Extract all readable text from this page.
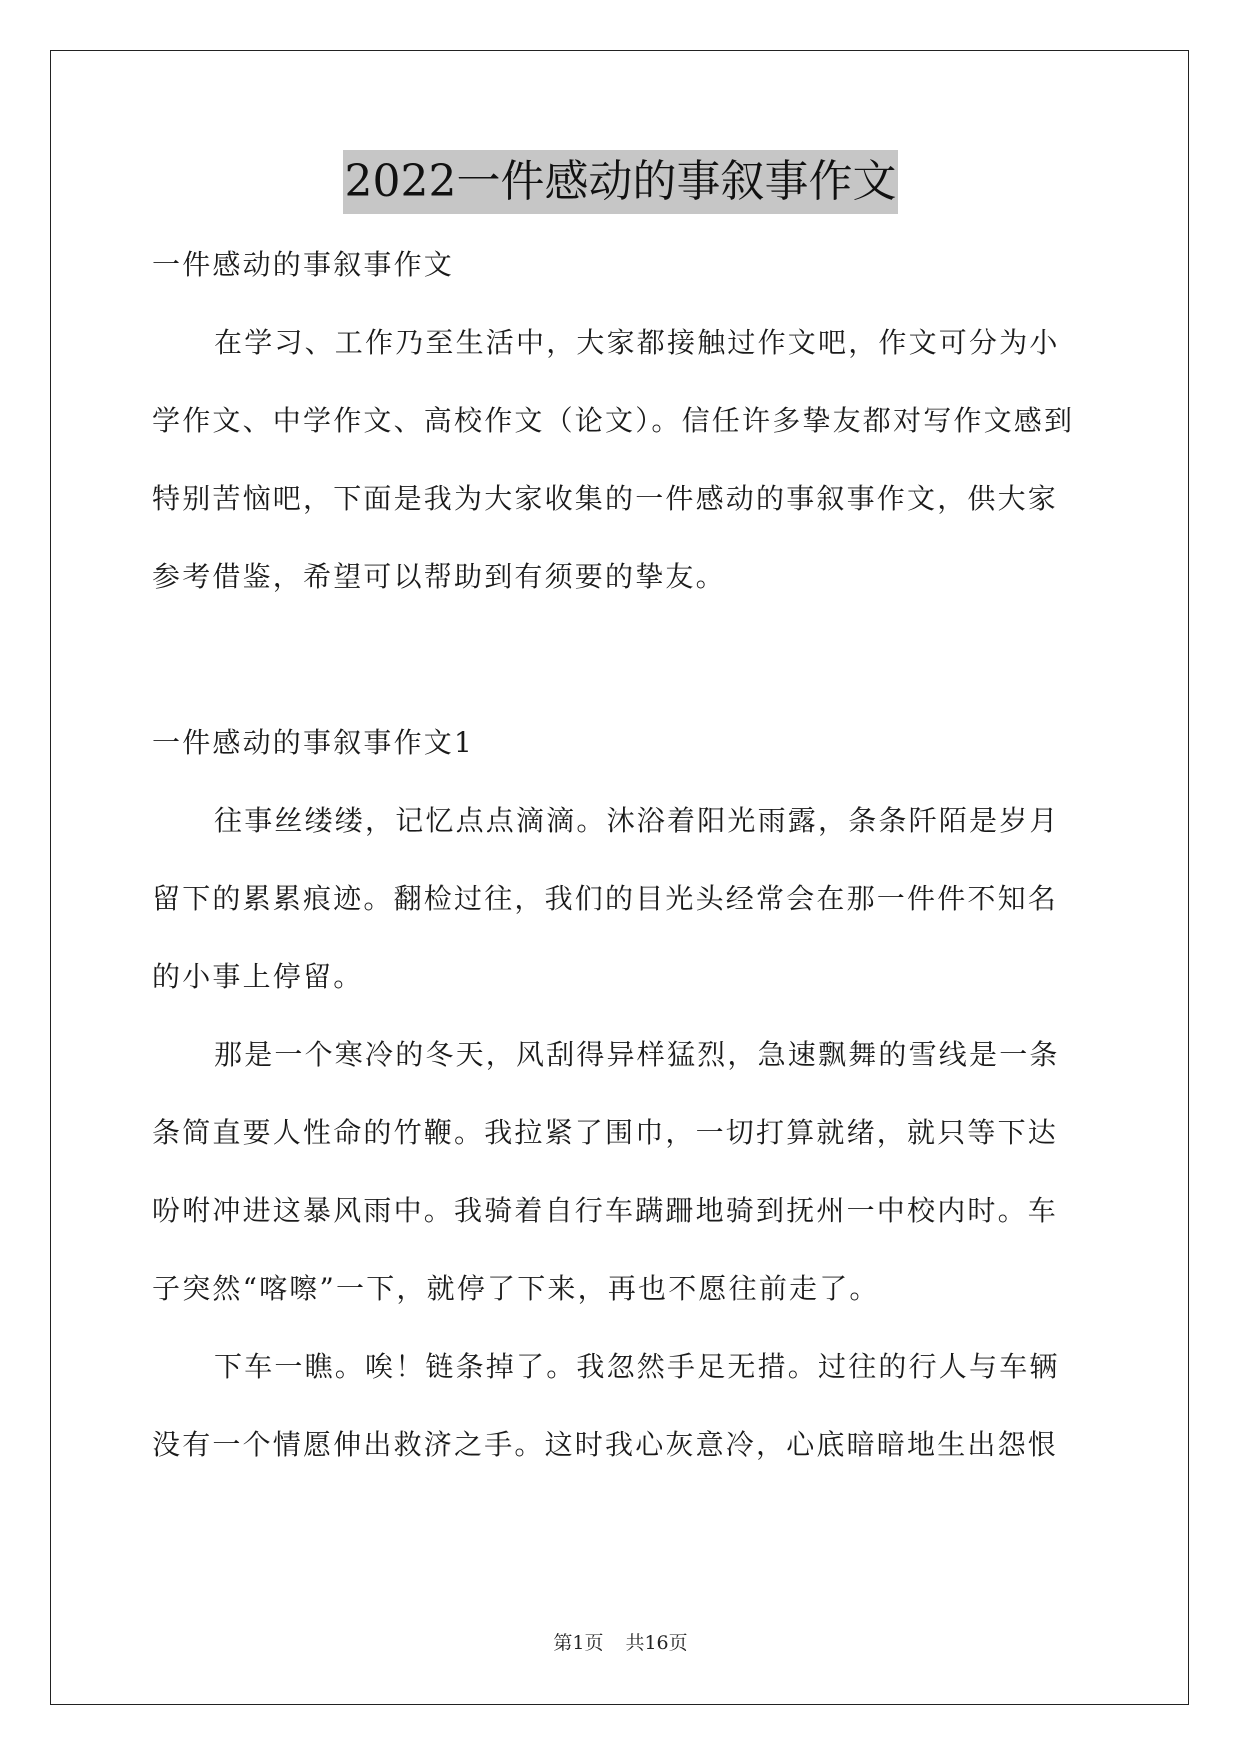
2022一件感动的事叙事作文
一件感动的事叙事作文
在学习、工作乃至生活中，大家都接触过作文吧，作文可分为小
学作文、中学作文、高校作文（论文）。信任许多挚友都对写作文感到
特别苦恼吧，下面是我为大家收集的一件感动的事叙事作文，供大家
参考借鉴，希望可以帮助到有须要的挚友。
一件感动的事叙事作文1
往事丝缕缕，记忆点点滴滴。沐浴着阳光雨露，条条阡陌是岁月
留下的累累痕迹。翻检过往，我们的目光头经常会在那一件件不知名
的小事上停留。
那是一个寒冷的冬天，风刮得异样猛烈，急速飘舞的雪线是一条
条简直要人性命的竹鞭。我拉紧了围巾，一切打算就绪，就只等下达
吩咐冲进这暴风雨中。我骑着自行车蹒跚地骑到抚州一中校内时。车
子突然“喀嚓”一下，就停了下来，再也不愿往前走了。
下车一瞧。唉！链条掉了。我忽然手足无措。过往的行人与车辆
没有一个情愿伸出救济之手。这时我心灰意冷，心底暗暗地生出怨恨
第1页 共16页
